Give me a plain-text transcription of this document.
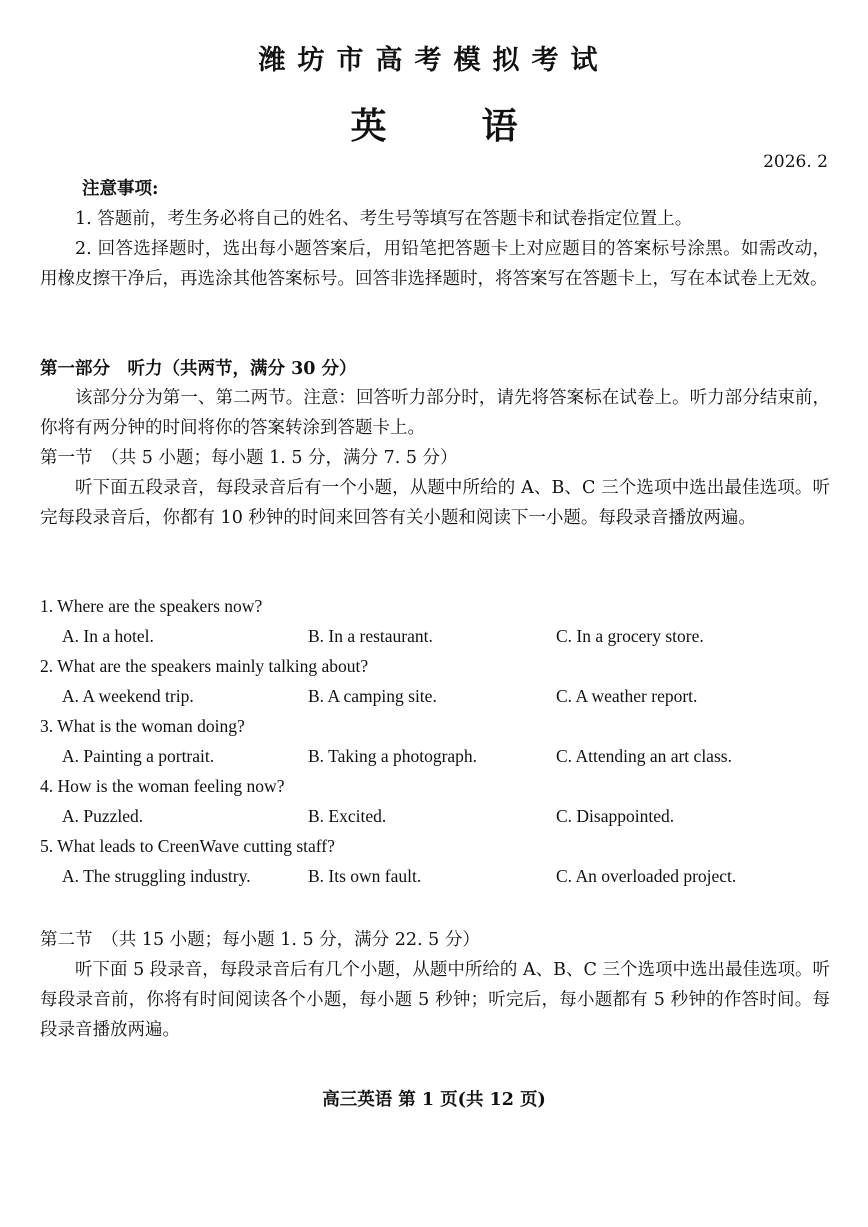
潍坊市高考模拟考试
英	语
2026. 2
注意事项:
1. 答题前，考生务必将自己的姓名、考生号等填写在答题卡和试卷指定位置上。
2. 回答选择题时，选出每小题答案后，用铅笔把答题卡上对应题目的答案标号涂黑。如需改动，用橡皮擦干净后，再选涂其他答案标号。回答非选择题时，将答案写在答题卡上，写在本试卷上无效。
第一部分　听力（共两节，满分 30 分）
该部分分为第一、第二两节。注意：回答听力部分时，请先将答案标在试卷上。听力部分结束前，你将有两分钟的时间将你的答案转涂到答题卡上。
第一节　（共 5 小题；每小题 1. 5 分，满分 7. 5 分）
听下面五段录音，每段录音后有一个小题，从题中所给的 A、B、C 三个选项中选出最佳选项。听完每段录音后，你都有 10 秒钟的时间来回答有关小题和阅读下一小题。每段录音播放两遍。
1. Where are the speakers now?
A. In a hotel.	B. In a restaurant.	C. In a grocery store.
2. What are the speakers mainly talking about?
A. A weekend trip.	B. A camping site.	C. A weather report.
3. What is the woman doing?
A. Painting a portrait.	B. Taking a photograph.	C. Attending an art class.
4. How is the woman feeling now?
A. Puzzled.	B. Excited.	C. Disappointed.
5. What leads to CreenWave cutting staff?
A. The struggling industry.	B. Its own fault.	C. An overloaded project.
第二节　（共 15 小题；每小题 1. 5 分，满分 22. 5 分）
听下面 5 段录音，每段录音后有几个小题，从题中所给的 A、B、C 三个选项中选出最佳选项。听每段录音前，你将有时间阅读各个小题，每小题 5 秒钟；听完后，每小题都有 5 秒钟的作答时间。每段录音播放两遍。
高三英语 第 1 页(共 12 页)
